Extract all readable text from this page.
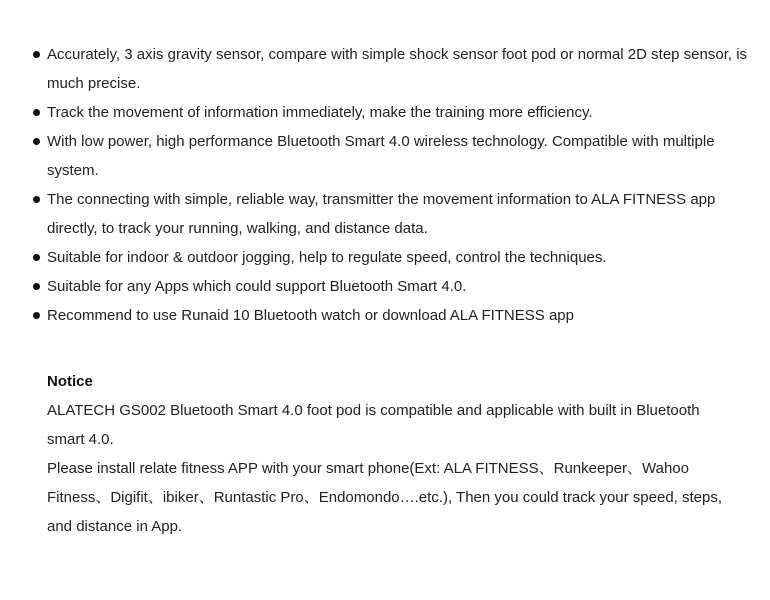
Accurately, 3 axis gravity sensor, compare with simple shock sensor foot pod or normal 2D step sensor, is much precise.
Track the movement of information immediately, make the training more efficiency.
With low power, high performance Bluetooth Smart 4.0 wireless technology. Compatible with multiple system.
The connecting with simple, reliable way, transmitter the movement information to ALA FITNESS app directly, to track your running, walking, and distance data.
Suitable for indoor & outdoor jogging, help to regulate speed, control the techniques.
Suitable for any Apps which could support Bluetooth Smart 4.0.
Recommend to use Runaid 10 Bluetooth watch or download ALA FITNESS app
Notice

ALATECH GS002 Bluetooth Smart 4.0 foot pod is compatible and applicable with built in Bluetooth smart 4.0.

Please install relate fitness APP with your smart phone(Ext: ALA FITNESS、Runkeeper、Wahoo Fitness、Digifit、ibiker、Runtastic Pro、Endomondo….etc.), Then you could track your speed, steps, and distance in App.
